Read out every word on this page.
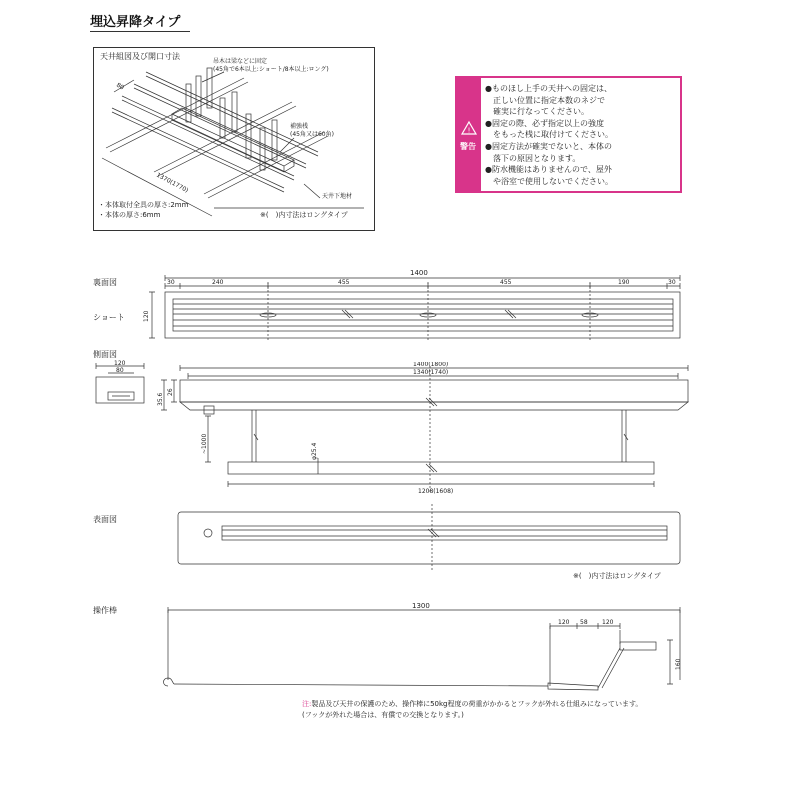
埋込昇降タイプ
天井組図及び開口寸法
吊木は梁などに固定
(45角で6本以上:ショート/8本以上:ロング)
補強桟
(45角又は60角)
天井下地材
・本体取付全具の厚さ:2mm
・本体の厚さ:6mm	※(　)内寸法はロングタイプ
80
1370(1770)
!
警告
●ものほし上手の天井への固定は、
　正しい位置に指定本数のネジで
　確実に行なってください。
●固定の際、必ず指定以上の強度
　をもった桟に取付けてください。
●固定方法が確実でないと、本体の
　落下の原因となります。
●防水機能はありませんので、屋外
　や浴室で使用しないでください。
裏面図
ショート
側面図
表面図
操作棒
1400
30	30
240	455	455	190
120
120
80
1400(1800)
1340(1740)
35.6
26
~1000	φ25.4
1208(1608)
※(　)内寸法はロングタイプ
1300
120 58 120
160
注:製品及び天井の保護のため、操作棒に50kg程度の荷重がかかるとフックが外れる仕組みになっています。
(フックが外れた場合は、有償での交換となります。)
